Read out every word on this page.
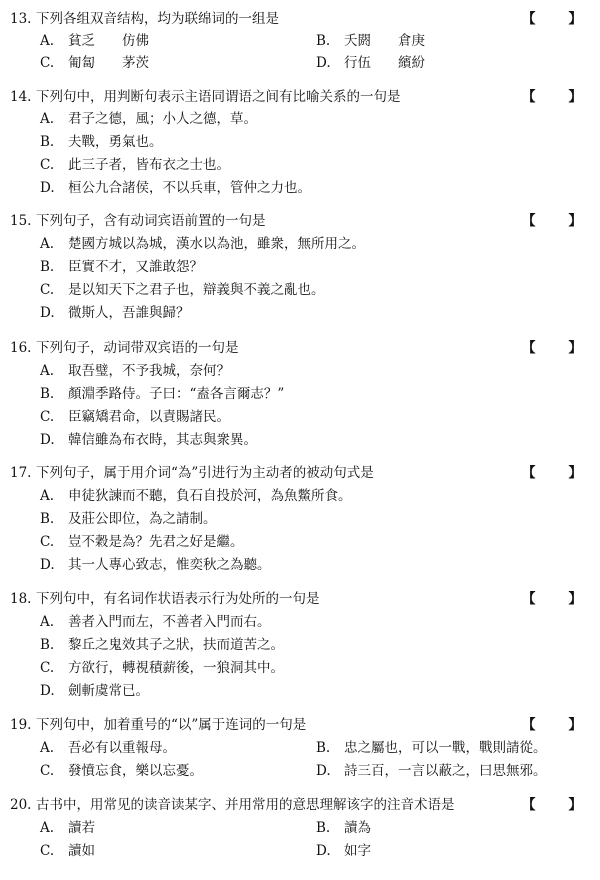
13. 下列各组双音结构，均为联绵词的一组是	【 】
A. 貧乏　　仿佛	B. 夭閼　　倉庚
C. 匍匐　　茅茨	D. 行伍　　繽紛
14. 下列句中，用判断句表示主语同谓语之间有比喻关系的一句是	【 】
A. 君子之德，風；小人之德，草。
B. 夫戰，勇氣也。
C. 此三子者，皆布衣之士也。
D. 桓公九合諸侯，不以兵車，管仲之力也。
15. 下列句子，含有动词宾语前置的一句是	【 】
A. 楚國方城以為城，漢水以為池，雖衆，無所用之。
B. 臣實不才，又誰敢怨？
C. 是以知天下之君子也，辯義與不義之亂也。
D. 微斯人，吾誰與歸？
16. 下列句子，动词带双宾语的一句是	【 】
A. 取吾璧，不予我城，奈何？
B. 顏淵季路侍。子曰：“盍各言爾志？”
C. 臣竊矯君命，以責賜諸民。
D. 韓信雖為布衣時，其志與衆異。
17. 下列句子，属于用介词“為”引进行为主动者的被动句式是	【 】
A. 申徒狄諫而不聽，負石自投於河，為魚鱉所食。
B. 及莊公即位，為之請制。
C. 豈不穀是為？先君之好是繼。
D. 其一人專心致志，惟奕秋之為聽。
18. 下列句中，有名词作状语表示行为处所的一句是	【 】
A. 善者入門而左，不善者入門而右。
B. 黎丘之鬼效其子之狀，扶而道苦之。
C. 方欲行，轉視積薪後，一狼洞其中。
D. 劍斬虞常已。
19. 下列句中，加着重号的“以”属于连词的一句是	【 】
A. 吾必有以重報母。	B. 忠之屬也，可以一戰，戰則請從。
C. 發憤忘食，樂以忘憂。	D. 詩三百，一言以蔽之，曰思無邪。
20. 古书中，用常见的读音读某字、并用常用的意思理解该字的注音术语是	【 】
A. 讀若	B. 讀為
C. 讀如	D. 如字
